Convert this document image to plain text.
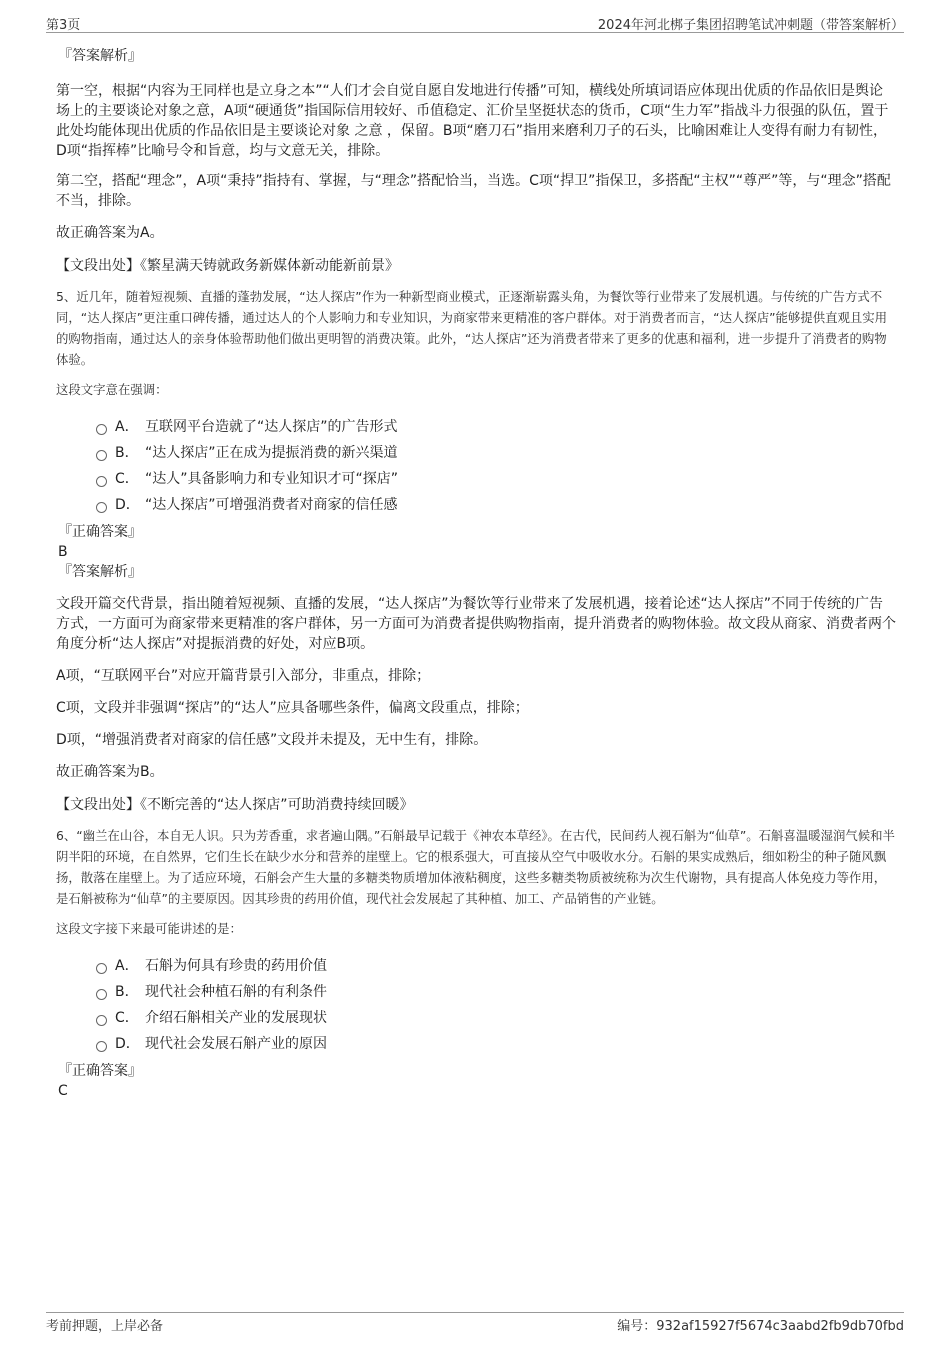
第3页	2024年河北梆子集团招聘笔试冲刺题（带答案解析）

『答案解析』

第一空，根据“内容为王同样也是立身之本”“人们才会自觉自愿自发地进行传播”可知，横线处所填词语应体现出优质的作品依旧是舆论场上的主要谈论对象之意，A项“硬通货”指国际信用较好、币值稳定、汇价呈坚挺状态的货币，C项“生力军”指战斗力很强的队伍，置于此处均能体现出优质的作品依旧是主要谈论对象 之意 ，保留。B项“磨刀石”指用来磨利刀子的石头，比喻困难让人变得有耐力有韧性，D项“指挥棒”比喻号令和旨意，均与文意无关，排除。

第二空，搭配“理念”，A项“秉持”指持有、掌握，与“理念”搭配恰当，当选。C项“捍卫”指保卫，多搭配“主权”“尊严”等，与“理念”搭配不当，排除。

故正确答案为A。

【文段出处】《繁星满天铸就政务新媒体新动能新前景》

5、近几年，随着短视频、直播的蓬勃发展，“达人探店”作为一种新型商业模式，正逐渐崭露头角，为餐饮等行业带来了发展机遇。与传统的广告方式不同，“达人探店”更注重口碑传播，通过达人的个人影响力和专业知识，为商家带来更精准的客户群体。对于消费者而言，“达人探店”能够提供直观且实用的购物指南，通过达人的亲身体验帮助他们做出更明智的消费决策。此外，“达人探店”还为消费者带来了更多的优惠和福利，进一步提升了消费者的购物体验。

这段文字意在强调：

A． 互联网平台造就了“达人探店”的广告形式
B． “达人探店”正在成为提振消费的新兴渠道
C． “达人”具备影响力和专业知识才可“探店”
D． “达人探店”可增强消费者对商家的信任感

『正确答案』

B

『答案解析』

文段开篇交代背景，指出随着短视频、直播的发展，“达人探店”为餐饮等行业带来了发展机遇，接着论述“达人探店”不同于传统的广告方式，一方面可为商家带来更精准的客户群体，另一方面可为消费者提供购物指南，提升消费者的购物体验。故文段从商家、消费者两个角度分析“达人探店”对提振消费的好处，对应B项。

A项，“互联网平台”对应开篇背景引入部分，非重点，排除；

C项，文段并非强调“探店”的“达人”应具备哪些条件，偏离文段重点，排除；

D项，“增强消费者对商家的信任感”文段并未提及，无中生有，排除。

故正确答案为B。

【文段出处】《不断完善的“达人探店”可助消费持续回暖》

6、“幽兰在山谷，本自无人识。只为芳香重，求者遍山隅。”石斛最早记载于《神农本草经》。在古代，民间药人视石斛为“仙草”。石斛喜温暖湿润气候和半阴半阳的环境，在自然界，它们生长在缺少水分和营养的崖壁上。它的根系强大，可直接从空气中吸收水分。石斛的果实成熟后，细如粉尘的种子随风飘扬，散落在崖壁上。为了适应环境，石斛会产生大量的多糖类物质增加体液粘稠度，这些多糖类物质被统称为次生代谢物，具有提高人体免疫力等作用，是石斛被称为“仙草”的主要原因。因其珍贵的药用价值，现代社会发展起了其种植、加工、产品销售的产业链。

这段文字接下来最可能讲述的是：

A． 石斛为何具有珍贵的药用价值
B． 现代社会种植石斛的有利条件
C． 介绍石斛相关产业的发展现状
D． 现代社会发展石斛产业的原因

『正确答案』

C

考前押题，上岸必备	编号：932af15927f5674c3aabd2fb9db70fbd
